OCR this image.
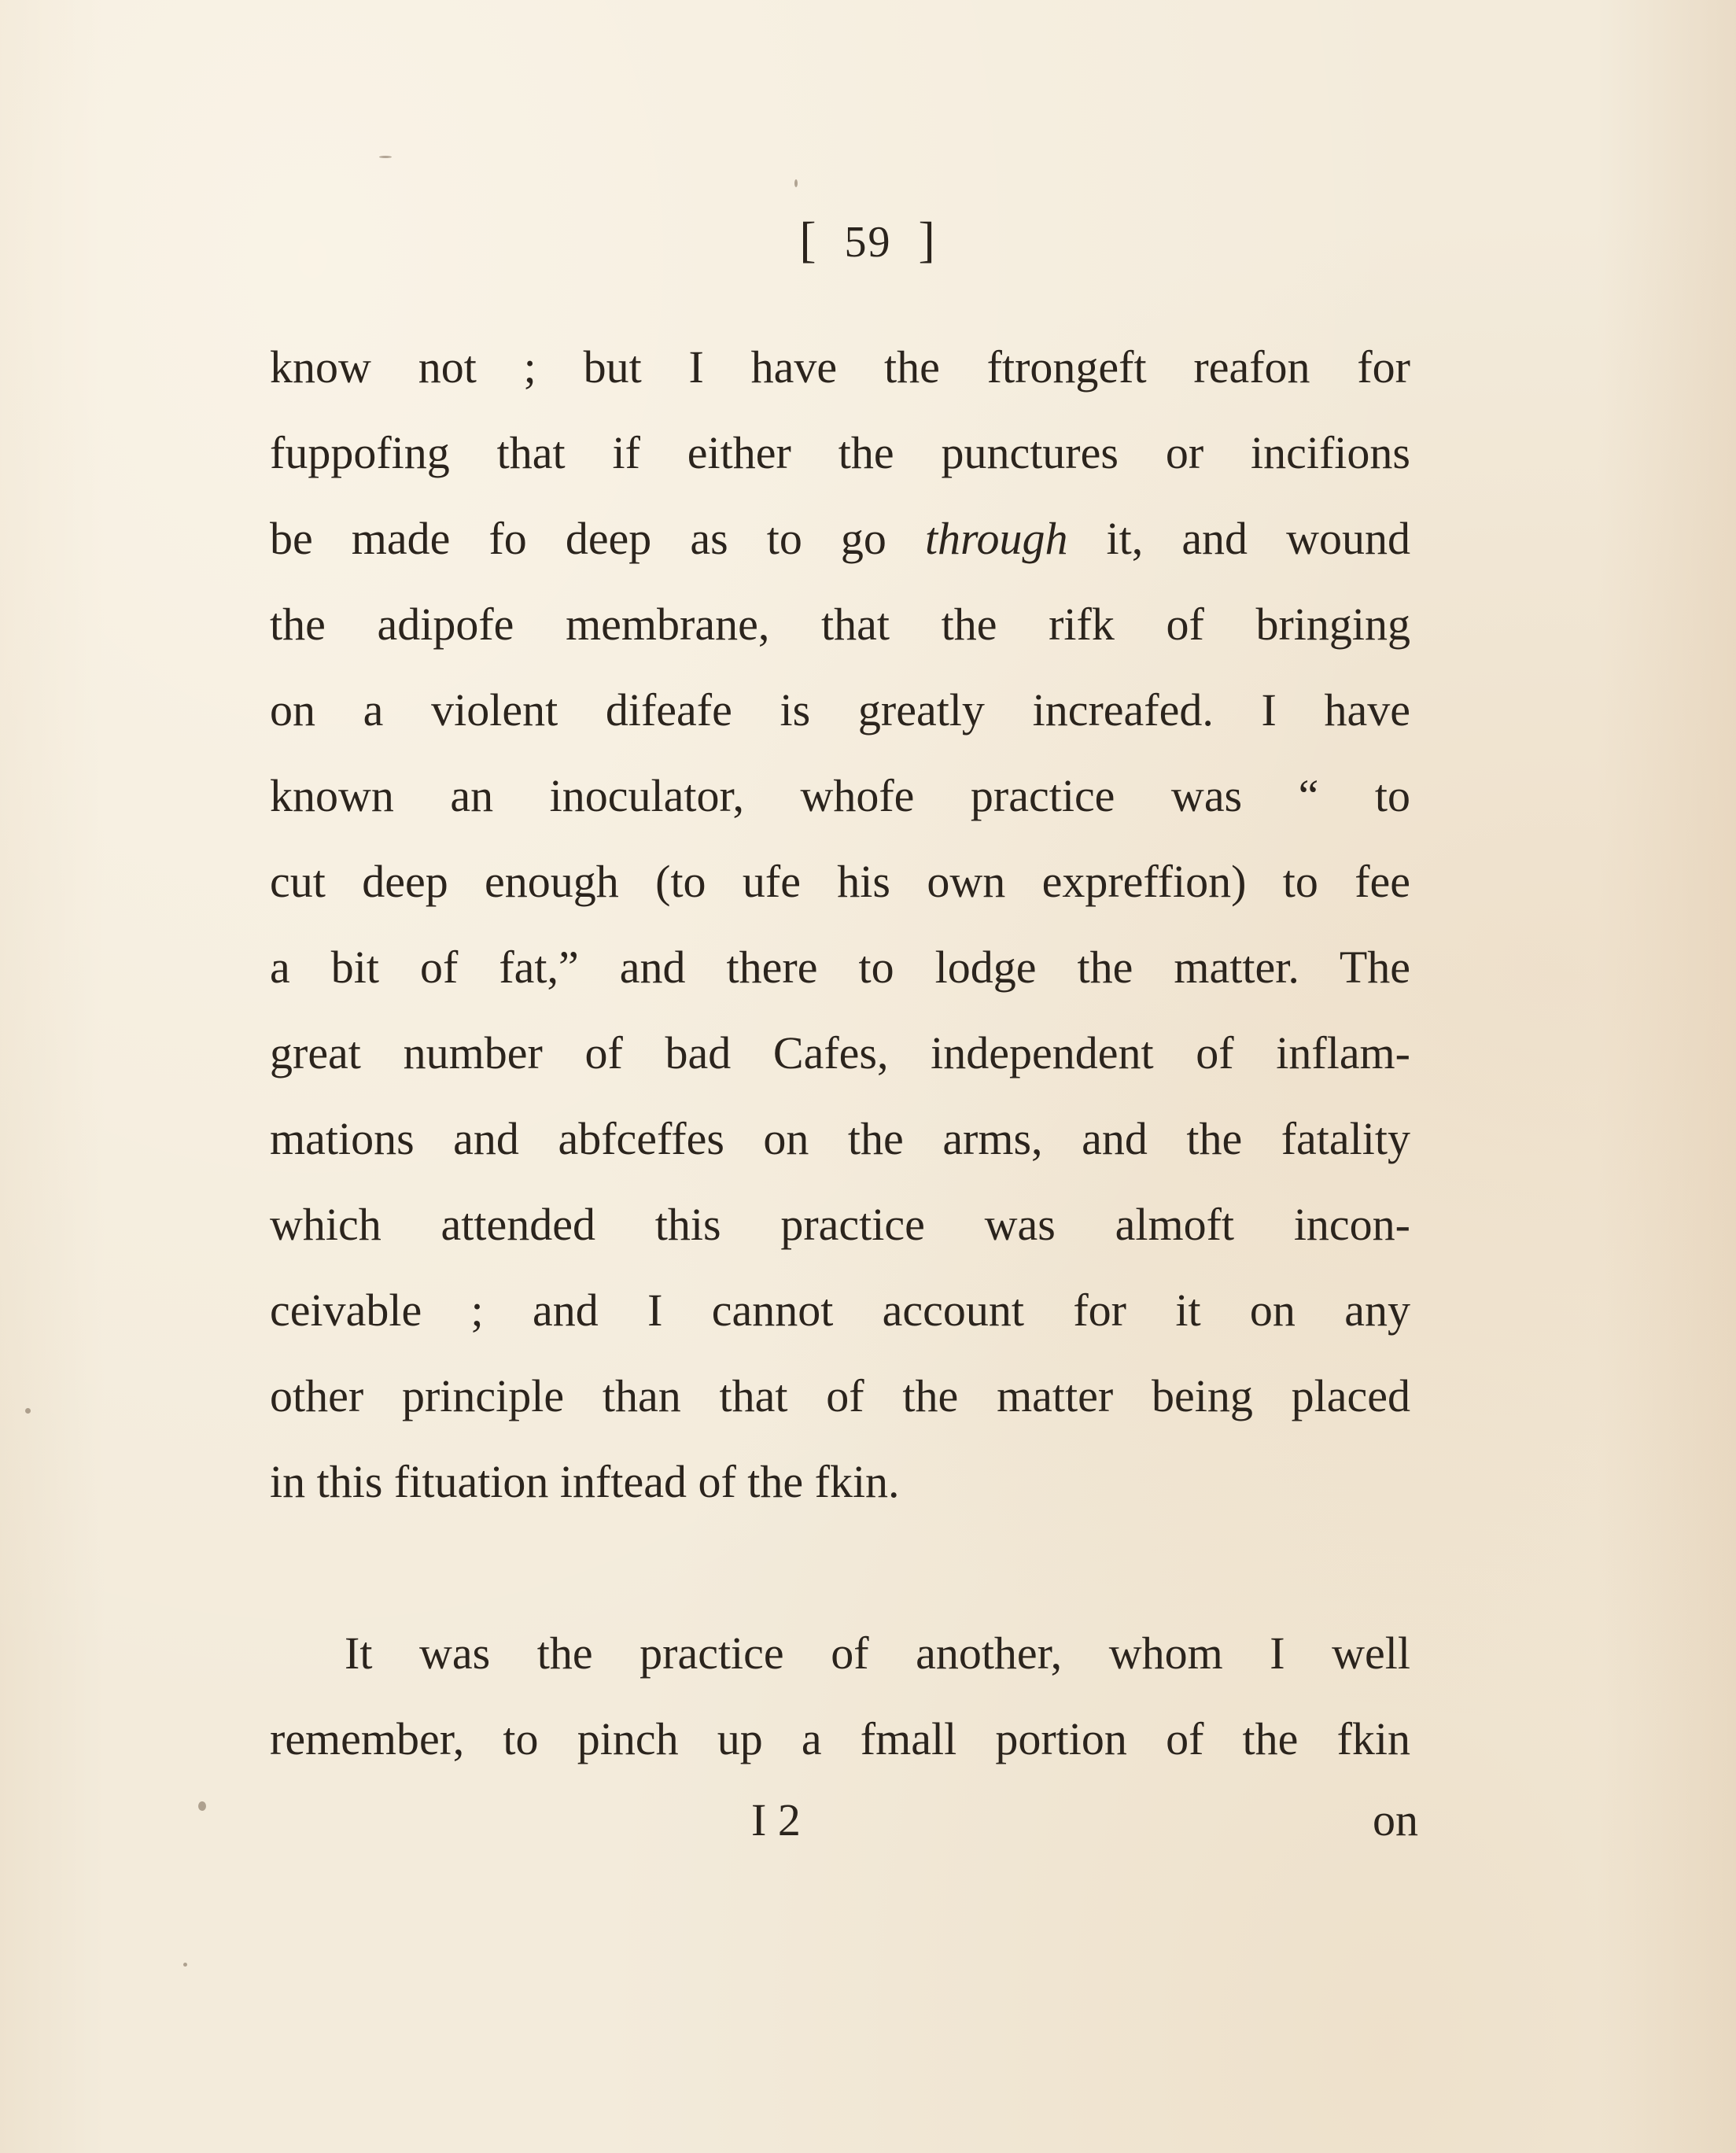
[ 59 ]
know not ; but I have the ftrongeft reafon for
fuppofing that if either the punctures or incifions
be made fo deep as to go through it, and wound
the adipofe membrane, that the rifk of bringing
on a violent difeafe is greatly increafed. I have
known an inoculator, whofe practice was “ to
cut deep enough (to ufe his own expreffion) to fee
a bit of fat,” and there to lodge the matter. The
great number of bad Cafes, independent of inflam-
mations and abfceffes on the arms, and the fatality
which attended this practice was almoft incon-
ceivable ; and I cannot account for it on any
other principle than that of the matter being placed
in this fituation inftead of the fkin.
It was the practice of another, whom I well
remember, to pinch up a fmall portion of the fkin
I 2	on
